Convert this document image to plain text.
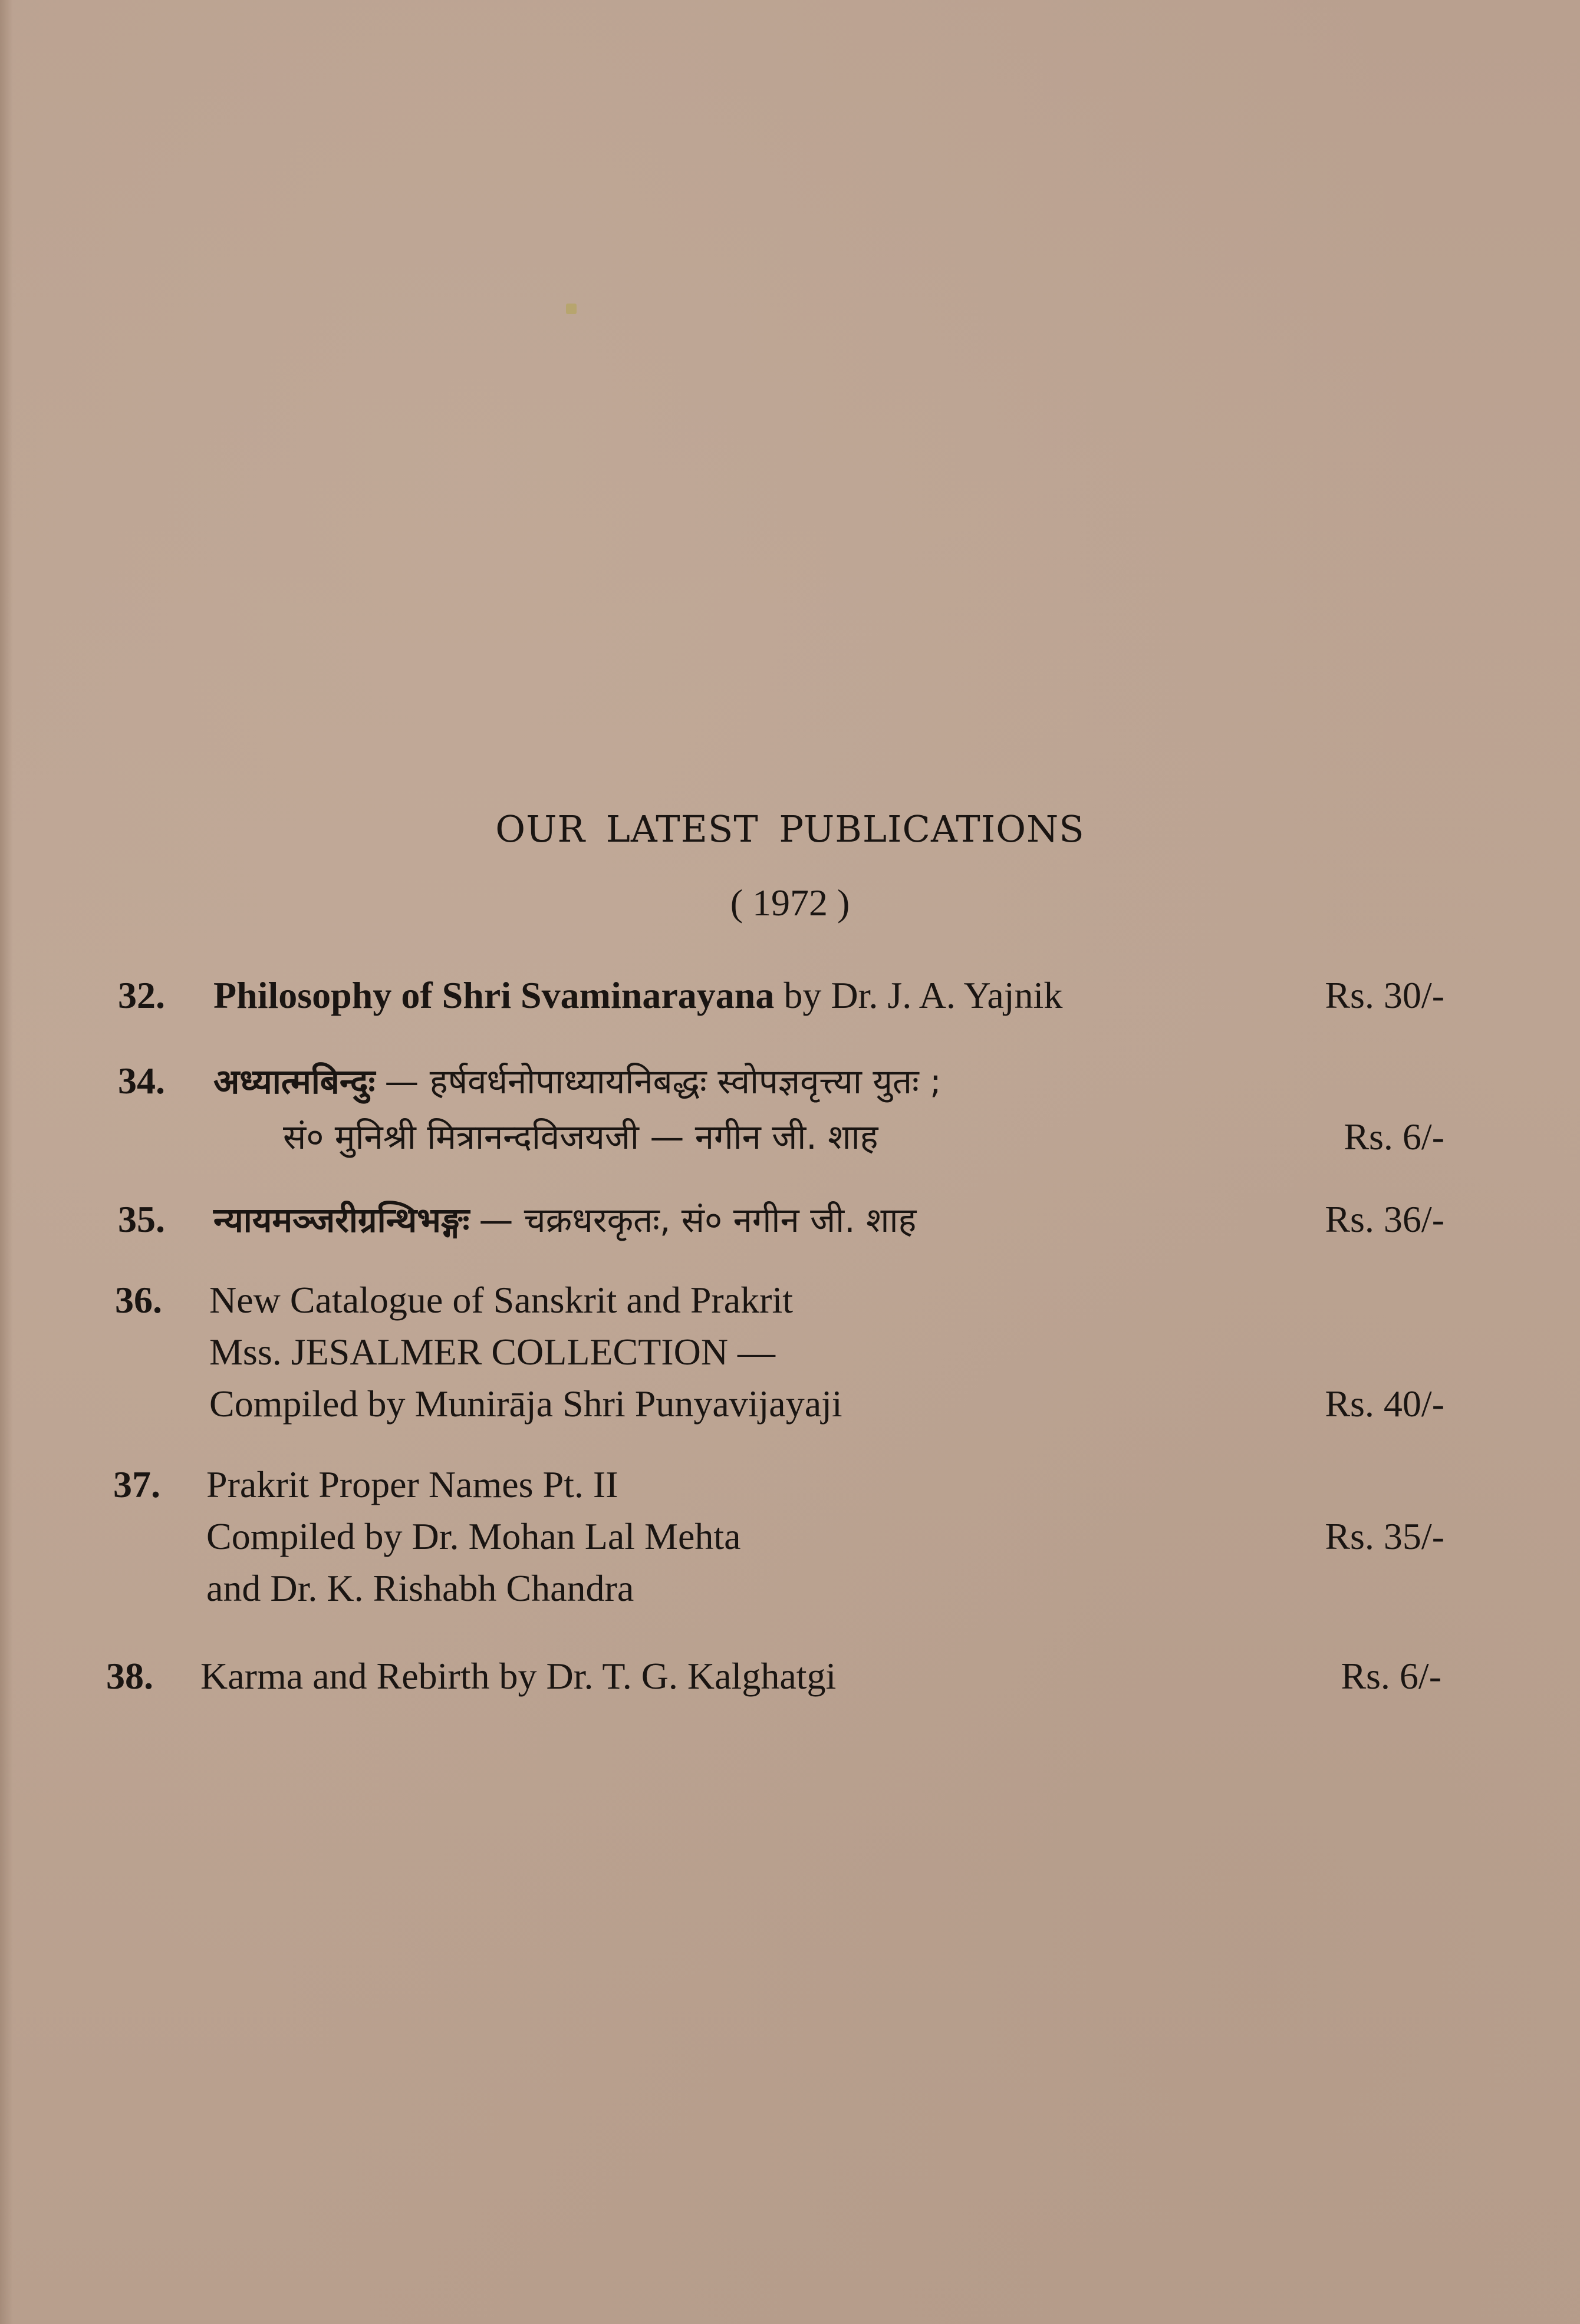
OUR LATEST PUBLICATIONS
( 1972 )
32. Philosophy of Shri Svaminarayana by Dr. J. A. Yajnik	Rs. 30/-
34. अध्यात्मबिन्दुः — हर्षवर्धनोपाध्यायनिबद्धः स्वोपज्ञवृत्त्या युतः ;
सं० मुनिश्री मित्रानन्दविजयजी — नगीन जी. शाह	Rs. 6/-
35. न्यायमञ्जरीग्रन्थिभङ्गः — चक्रधरकृतः, सं० नगीन जी. शाह	Rs. 36/-
36. New Catalogue of Sanskrit and Prakrit
Mss. JESALMER COLLECTION —
Compiled by Munirāja Shri Punyavijayaji	Rs. 40/-
37. Prakrit Proper Names Pt. II
Compiled by Dr. Mohan Lal Mehta	Rs. 35/-
and Dr. K. Rishabh Chandra
38. Karma and Rebirth by Dr. T. G. Kalghatgi	Rs. 6/-
